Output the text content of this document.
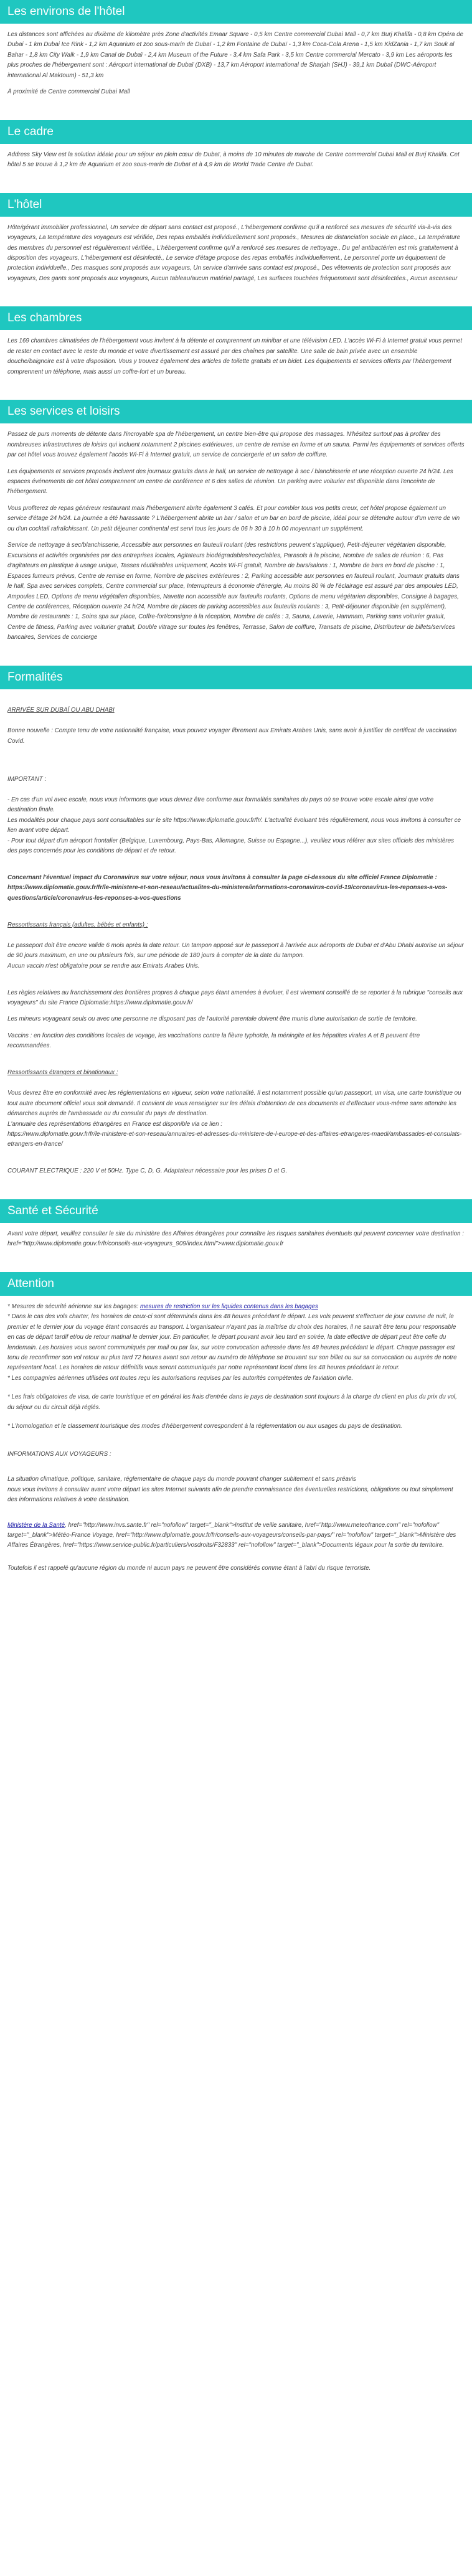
Les environs de l'hôtel

Les distances sont affichées au dixième de kilomètre près Zone d'activités Emaar Square - 0,5 km Centre commercial Dubai Mall - 0,7 km Burj Khalifa - 0,8 km Opéra de Dubai - 1 km Dubai Ice Rink - 1,2 km Aquarium et zoo sous-marin de Dubaï - 1,2 km Fontaine de Dubaï - 1,3 km Coca-Cola Arena - 1,5 km KidZania - 1,7 km Souk al Bahar - 1,8 km City Walk - 1,9 km Canal de Dubaï - 2,4 km Museum of the Future - 3,4 km Safa Park - 3,5 km Centre commercial Mercato - 3,9 km Les aéroports les plus proches de l'hébergement sont : Aéroport international de Dubaï (DXB) - 13,7 km Aéroport international de Sharjah (SHJ) - 39,1 km Dubaï (DWC-Aéroport international Al Maktoum) - 51,3 km

À proximité de Centre commercial Dubai Mall

Le cadre

Address Sky View est la solution idéale pour un séjour en plein cœur de Dubaï, à moins de 10 minutes de marche de Centre commercial Dubai Mall et Burj Khalifa. Cet hôtel 5 se trouve à 1,2 km de Aquarium et zoo sous-marin de Dubaï et à 4,9 km de World Trade Centre de Dubaï.

L'hôtel

Hôte/gérant immobilier professionnel, Un service de départ sans contact est proposé., L'hébergement confirme qu'il a renforcé ses mesures de sécurité vis-à-vis des voyageurs, La température des voyageurs est vérifiée, Des repas emballés individuellement sont proposés., Mesures de distanciation sociale en place., La température des membres du personnel est régulièrement vérifiée., L'hébergement confirme qu'il a renforcé ses mesures de nettoyage., Du gel antibactérien est mis gratuitement à disposition des voyageurs, L'hébergement est désinfecté., Le service d'étage propose des repas emballés individuellement., Le personnel porte un équipement de protection individuelle., Des masques sont proposés aux voyageurs, Un service d'arrivée sans contact est proposé., Des vêtements de protection sont proposés aux voyageurs, Des gants sont proposés aux voyageurs, Aucun tableau/aucun matériel partagé, Les surfaces touchées fréquemment sont désinfectées., Aucun ascenseur

Les chambres

Les 169 chambres climatisées de l'hébergement vous invitent à la détente et comprennent un minibar et une télévision LED. L'accès Wi-Fi à Internet gratuit vous permet de rester en contact avec le reste du monde et votre divertissement est assuré par des chaînes par satellite. Une salle de bain privée avec un ensemble douche/baignoire est à votre disposition. Vous y trouvez également des articles de toilette gratuits et un bidet. Les équipements et services offerts par l'hébergement comprennent un téléphone, mais aussi un coffre-fort et un bureau.

Les services et loisirs

Passez de purs moments de détente dans l'incroyable spa de l'hébergement, un centre bien-être qui propose des massages. N'hésitez surtout pas à profiter des nombreuses infrastructures de loisirs qui incluent notamment 2 piscines extérieures, un centre de remise en forme et un sauna. Parmi les équipements et services offerts par cet hôtel vous trouvez également l'accès Wi-Fi à Internet gratuit, un service de conciergerie et un salon de coiffure.

Les équipements et services proposés incluent des journaux gratuits dans le hall, un service de nettoyage à sec / blanchisserie et une réception ouverte 24 h/24. Les espaces événements de cet hôtel comprennent un centre de conférence et 6 des salles de réunion. Un parking avec voiturier est disponible dans l'enceinte de l'hébergement.

Vous profiterez de repas généreux restaurant mais l'hébergement abrite également 3 cafés. Et pour combler tous vos petits creux, cet hôtel propose également un service d'étage 24 h/24. La journée a été harassante ? L'hébergement abrite un bar / salon et un bar en bord de piscine, idéal pour se détendre autour d'un verre de vin ou d'un cocktail rafraîchissant. Un petit déjeuner continental est servi tous les jours de 06 h 30 à 10 h 00 moyennant un supplément.

Service de nettoyage à sec/blanchisserie, Accessible aux personnes en fauteuil roulant (des restrictions peuvent s'appliquer), Petit-déjeuner végétarien disponible, Excursions et activités organisées par des entreprises locales, Agitateurs biodégradables/recyclables, Parasols à la piscine, Nombre de salles de réunion : 6, Pas d'agitateurs en plastique à usage unique, Tasses réutilisables uniquement, Accès Wi-Fi gratuit, Nombre de bars/salons : 1, Nombre de bars en bord de piscine : 1, Espaces fumeurs prévus, Centre de remise en forme, Nombre de piscines extérieures : 2, Parking accessible aux personnes en fauteuil roulant, Journaux gratuits dans le hall, Spa avec services complets, Centre commercial sur place, Interrupteurs à économie d'énergie, Au moins 80 % de l'éclairage est assuré par des ampoules LED, Ampoules LED, Options de menu végétalien disponibles, Navette non accessible aux fauteuils roulants, Options de menu végétarien disponibles, Consigne à bagages, Centre de conférences, Réception ouverte 24 h/24, Nombre de places de parking accessibles aux fauteuils roulants : 3, Petit-déjeuner disponible (en supplément), Nombre de restaurants : 1, Soins spa sur place, Coffre-fort/consigne à la réception, Nombre de cafés : 3, Sauna, Laverie, Hammam, Parking sans voiturier gratuit, Centre de fitness, Parking avec voiturier gratuit, Double vitrage sur toutes les fenêtres, Terrasse, Salon de coiffure, Transats de piscine, Distributeur de billets/services bancaires, Services de concierge

Formalités

ARRIVÉE SUR DUBAÏ OU ABU DHABI

Bonne nouvelle : Compte tenu de votre nationalité française, vous pouvez voyager librement aux Emirats Arabes Unis, sans avoir à justifier de certificat de vaccination Covid.

IMPORTANT :

- En cas d'un vol avec escale, nous vous informons que vous devrez être conforme aux formalités sanitaires du pays où se trouve votre escale ainsi que votre destination finale.
Les modalités pour chaque pays sont consultables sur le site https://www.diplomatie.gouv.fr/fr/. L'actualité évoluant très régulièrement, nous vous invitons à consulter ce lien avant votre départ.
- Pour tout départ d'un aéroport frontalier (Belgique, Luxembourg, Pays-Bas, Allemagne, Suisse ou Espagne...), veuillez vous référer aux sites officiels des ministères des pays concernés pour les conditions de départ et de retour.

Concernant l'éventuel impact du Coronavirus sur votre séjour, nous vous invitons à consulter la page ci-dessous du site officiel France Diplomatie :
https://www.diplomatie.gouv.fr/fr/le-ministere-et-son-reseau/actualites-du-ministere/informations-coronavirus-covid-19/coronavirus-les-reponses-a-vos-questions/article/coronavirus-les-reponses-a-vos-questions

Ressortissants français (adultes, bébés et enfants) :

Le passeport doit être encore valide 6 mois après la date retour. Un tampon apposé sur le passeport à l'arrivée aux aéroports de Dubaï et d'Abu Dhabi autorise un séjour de 90 jours maximum, en une ou plusieurs fois, sur une période de 180 jours à compter de la date du tampon.
Aucun vaccin n'est obligatoire pour se rendre aux Emirats Arabes Unis.

Les règles relatives au franchissement des frontières propres à chaque pays étant amenées à évoluer, il est vivement conseillé de se reporter à la rubrique "conseils aux voyageurs" du site France Diplomatie:https://www.diplomatie.gouv.fr/

Les mineurs voyageant seuls ou avec une personne ne disposant pas de l'autorité parentale doivent être munis d'une autorisation de sortie de territoire.

Vaccins : en fonction des conditions locales de voyage, les vaccinations contre la fièvre typhoïde, la méningite et les hépatites virales A et B peuvent être recommandées.

Ressortissants étrangers et binationaux :

Vous devrez être en conformité avec les réglementations en vigueur, selon votre nationalité. Il est notamment possible qu'un passeport, un visa, une carte touristique ou tout autre document officiel vous soit demandé. Il convient de vous renseigner sur les délais d'obtention de ces documents et d'effectuer vous-même sans attendre les démarches auprès de l'ambassade ou du consulat du pays de destination.
L'annuaire des représentations étrangères en France est disponible via ce lien :
https://www.diplomatie.gouv.fr/fr/le-ministere-et-son-reseau/annuaires-et-adresses-du-ministere-de-l-europe-et-des-affaires-etrangeres-maedi/ambassades-et-consulats-etrangers-en-france/

COURANT ELECTRIQUE : 220 V et 50Hz. Type C, D, G. Adaptateur nécessaire pour les prises D et G.

Santé et Sécurité

Avant votre départ, veuillez consulter le site du ministère des Affaires étrangères pour connaître les risques sanitaires éventuels qui peuvent concerner votre destination : href="http://www.diplomatie.gouv.fr/fr/conseils-aux-voyageurs_909/index.html">www.diplomatie.gouv.fr

Attention

* Mesures de sécurité aérienne sur les bagages: mesures de restriction sur les liquides contenus dans les bagages

* Dans le cas des vols charter, les horaires de ceux-ci sont déterminés dans les 48 heures précédant le départ. Les vols peuvent s'effectuer de jour comme de nuit, le premier et le dernier jour du voyage étant consacrés au transport. L'organisateur n'ayant pas la maîtrise du choix des horaires, il ne saurait être tenu pour responsable en cas de départ tardif et/ou de retour matinal le dernier jour. En particulier, le départ pouvant avoir lieu tard en soirée, la date effective de départ peut être celle du lendemain. Les horaires vous seront communiqués par mail ou par fax, sur votre convocation adressée dans les 48 heures précédant le départ. Chaque passager est tenu de reconfirmer son vol retour au plus tard 72 heures avant son retour au numéro de téléphone se trouvant sur son billet ou sur sa convocation ou auprès de notre représentant local. Les horaires de retour définitifs vous seront communiqués par notre représentant local dans les 48 heures précédant le retour.
* Les compagnies aériennes utilisées ont toutes reçu les autorisations requises par les autorités compétentes de l'aviation civile.

* Les frais obligatoires de visa, de carte touristique et en général les frais d'entrée dans le pays de destination sont toujours à la charge du client en plus du prix du vol, du séjour ou du circuit déjà réglés.

* L'homologation et le classement touristique des modes d'hébergement correspondent à la réglementation ou aux usages du pays de destination.

INFORMATIONS AUX VOYAGEURS :

La situation climatique, politique, sanitaire, réglementaire de chaque pays du monde pouvant changer subitement et sans préavis
nous vous invitons à consulter avant votre départ les sites Internet suivants afin de prendre connaissance des éventuelles restrictions, obligations ou tout simplement des informations relatives à votre destination.

Ministère de la Santé, href="http://www.invs.sante.fr" rel="nofollow" target="_blank">Institut de veille sanitaire, href="http://www.meteofrance.com" rel="nofollow" target="_blank">Météo-France Voyage, href="http://www.diplomatie.gouv.fr/fr/conseils-aux-voyageurs/conseils-par-pays/" rel="nofollow" target="_blank">Ministère des Affaires Étrangères, href="https://www.service-public.fr/particuliers/vosdroits/F32833" rel="nofollow" target="_blank">Documents légaux pour la sortie du territoire.

Toutefois il est rappelé qu'aucune région du monde ni aucun pays ne peuvent être considérés comme étant à l'abri du risque terroriste.
